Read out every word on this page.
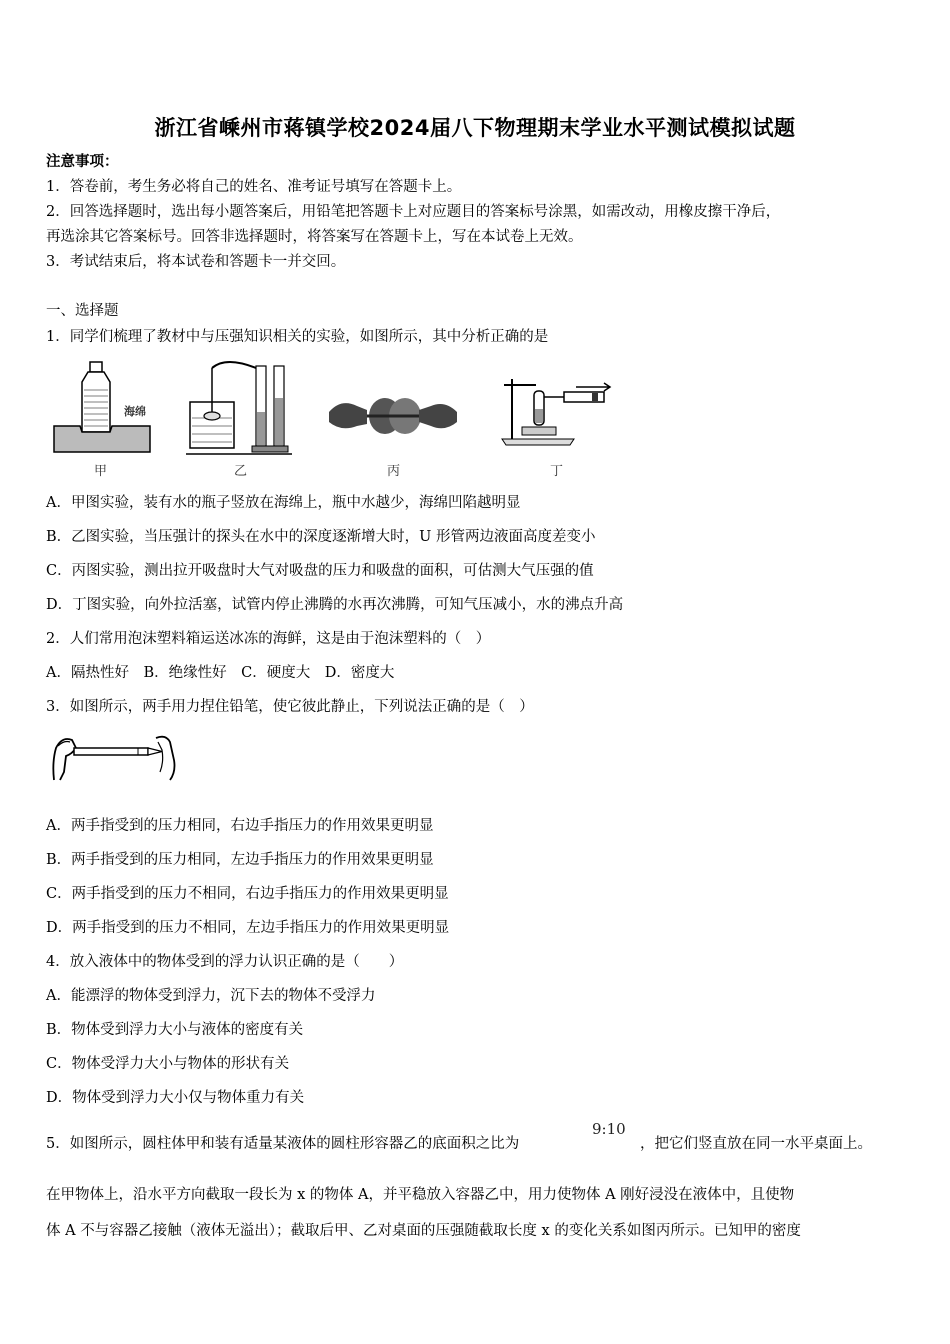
浙江省嵊州市蒋镇学校2024届八下物理期末学业水平测试模拟试题
注意事项：
1．答卷前，考生务必将自己的姓名、准考证号填写在答题卡上。
2．回答选择题时，选出每小题答案后，用铅笔把答题卡上对应题目的答案标号涂黑，如需改动，用橡皮擦干净后，
再选涂其它答案标号。回答非选择题时，将答案写在答题卡上，写在本试卷上无效。
3．考试结束后，将本试卷和答题卡一并交回。
一、选择题
1．同学们梳理了教材中与压强知识相关的实验，如图所示，其中分析正确的是
甲
海绵
乙	丙	丁
A．甲图实验，装有水的瓶子竖放在海绵上，瓶中水越少，海绵凹陷越明显
B．乙图实验，当压强计的探头在水中的深度逐渐增大时，U 形管两边液面高度差变小
C．丙图实验，测出拉开吸盘时大气对吸盘的压力和吸盘的面积，可估测大气压强的值
D．丁图实验，向外拉活塞，试管内停止沸腾的水再次沸腾，可知气压减小，水的沸点升高
2．人们常用泡沫塑料箱运送冰冻的海鲜，这是由于泡沫塑料的（　）
A．隔热性好　B．绝缘性好　C．硬度大　D．密度大
3．如图所示，两手用力捏住铅笔，使它彼此静止，下列说法正确的是（　）
A．两手指受到的压力相同，右边手指压力的作用效果更明显
B．两手指受到的压力相同，左边手指压力的作用效果更明显
C．两手指受到的压力不相同，右边手指压力的作用效果更明显
D．两手指受到的压力不相同，左边手指压力的作用效果更明显
4．放入液体中的物体受到的浮力认识正确的是（　　）
A．能漂浮的物体受到浮力，沉下去的物体不受浮力
B．物体受到浮力大小与液体的密度有关
C．物体受浮力大小与物体的形状有关
D．物体受到浮力大小仅与物体重力有关
5．如图所示，圆柱体甲和装有适量某液体的圆柱形容器乙的底面积之比为
9:10
，把它们竖直放在同一水平桌面上。
在甲物体上，沿水平方向截取一段长为 x 的物体 A，并平稳放入容器乙中，用力使物体 A 刚好浸没在液体中，且使物
体 A 不与容器乙接触（液体无溢出）；截取后甲、乙对桌面的压强随截取长度 x 的变化关系如图丙所示。已知甲的密度
